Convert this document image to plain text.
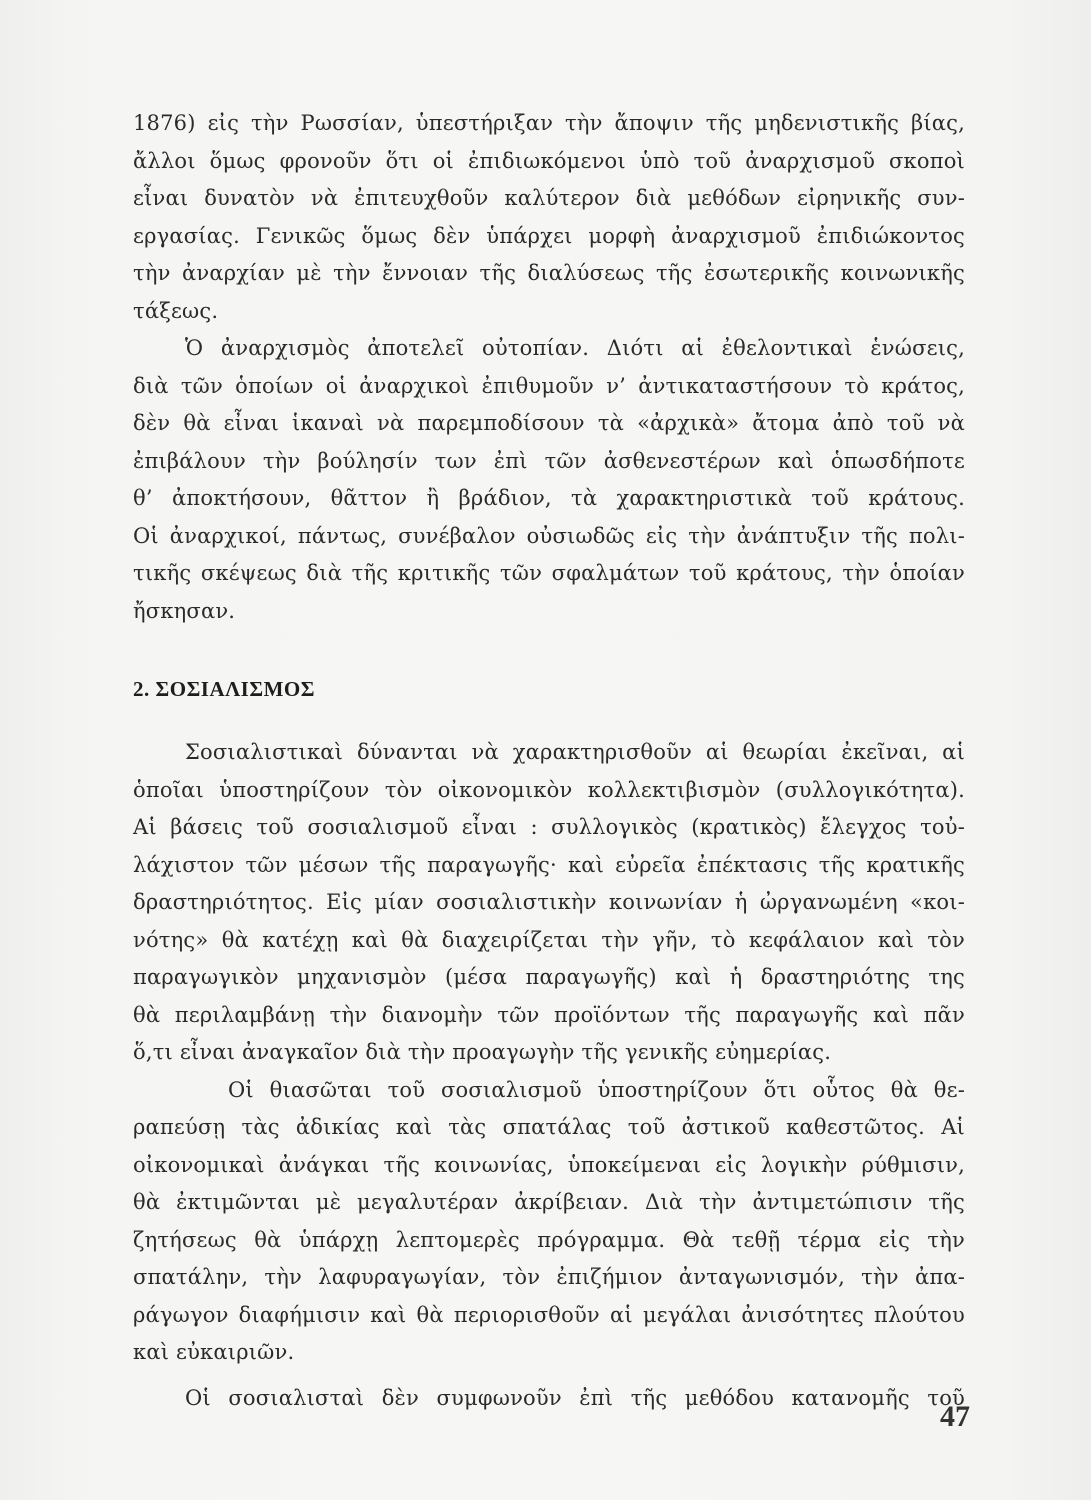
1876) εἰς τὴν Ρωσσίαν, ὑπεστήριξαν τὴν ἄποψιν τῆς μηδενιστικῆς βίας,
ἄλλοι ὅμως φρονοῦν ὅτι οἱ ἐπιδιωκόμενοι ὑπὸ τοῦ ἀναρχισμοῦ σκοποὶ
εἶναι δυνατὸν νὰ ἐπιτευχθοῦν καλύτερον διὰ μεθόδων εἰρηνικῆς συν-
εργασίας. Γενικῶς ὅμως δὲν ὑπάρχει μορφὴ ἀναρχισμοῦ ἐπιδιώκοντος
τὴν ἀναρχίαν μὲ τὴν ἔννοιαν τῆς διαλύσεως τῆς ἐσωτερικῆς κοινωνικῆς
τάξεως.
Ὁ ἀναρχισμὸς ἀποτελεῖ οὐτοπίαν. Διότι αἱ ἐθελοντικαὶ ἑνώσεις,
διὰ τῶν ὁποίων οἱ ἀναρχικοὶ ἐπιθυμοῦν ν’ ἀντικαταστήσουν τὸ κράτος,
δὲν θὰ εἶναι ἱκαναὶ νὰ παρεμποδίσουν τὰ «ἀρχικὰ» ἄτομα ἀπὸ τοῦ νὰ
ἐπιβάλουν τὴν βούλησίν των ἐπὶ τῶν ἀσθενεστέρων καὶ ὁπωσδήποτε
θ’ ἀποκτήσουν, θᾶττον ἢ βράδιον, τὰ χαρακτηριστικὰ τοῦ κράτους.
Οἱ ἀναρχικοί, πάντως, συνέβαλον οὐσιωδῶς εἰς τὴν ἀνάπτυξιν τῆς πολι-
τικῆς σκέψεως διὰ τῆς κριτικῆς τῶν σφαλμάτων τοῦ κράτους, τὴν ὁποίαν
ἤσκησαν.
2. ΣΟΣΙΑΛΙΣΜΟΣ
Σοσιαλιστικαὶ δύνανται νὰ χαρακτηρισθοῦν αἱ θεωρίαι ἐκεῖναι, αἱ
ὁποῖαι ὑποστηρίζουν τὸν οἰκονομικὸν κολλεκτιβισμὸν (συλλογικότητα).
Αἱ βάσεις τοῦ σοσιαλισμοῦ εἶναι : συλλογικὸς (κρατικὸς) ἔλεγχος τοὐ-
λάχιστον τῶν μέσων τῆς παραγωγῆς· καὶ εὐρεῖα ἐπέκτασις τῆς κρατικῆς
δραστηριότητος. Εἰς μίαν σοσιαλιστικὴν κοινωνίαν ἡ ὠργανωμένη «κοι-
νότης» θὰ κατέχῃ καὶ θὰ διαχειρίζεται τὴν γῆν, τὸ κεφάλαιον καὶ τὸν
παραγωγικὸν μηχανισμὸν (μέσα παραγωγῆς) καὶ ἡ δραστηριότης της
θὰ περιλαμβάνῃ τὴν διανομὴν τῶν προϊόντων τῆς παραγωγῆς καὶ πᾶν
ὅ,τι εἶναι ἀναγκαῖον διὰ τὴν προαγωγὴν τῆς γενικῆς εὐημερίας.
Οἱ θιασῶται τοῦ σοσιαλισμοῦ ὑποστηρίζουν ὅτι οὗτος θὰ θε-
ραπεύσῃ τὰς ἀδικίας καὶ τὰς σπατάλας τοῦ ἀστικοῦ καθεστῶτος. Αἱ
οἰκονομικαὶ ἀνάγκαι τῆς κοινωνίας, ὑποκείμεναι εἰς λογικὴν ρύθμισιν,
θὰ ἐκτιμῶνται μὲ μεγαλυτέραν ἀκρίβειαν. Διὰ τὴν ἀντιμετώπισιν τῆς
ζητήσεως θὰ ὑπάρχῃ λεπτομερὲς πρόγραμμα. Θὰ τεθῇ τέρμα εἰς τὴν
σπατάλην, τὴν λαφυραγωγίαν, τὸν ἐπιζήμιον ἀνταγωνισμόν, τὴν ἀπα-
ράγωγον διαφήμισιν καὶ θὰ περιορισθοῦν αἱ μεγάλαι ἀνισότητες πλούτου
καὶ εὐκαιριῶν.
Οἱ σοσιαλισταὶ δὲν συμφωνοῦν ἐπὶ τῆς μεθόδου κατανομῆς τοῦ
47
